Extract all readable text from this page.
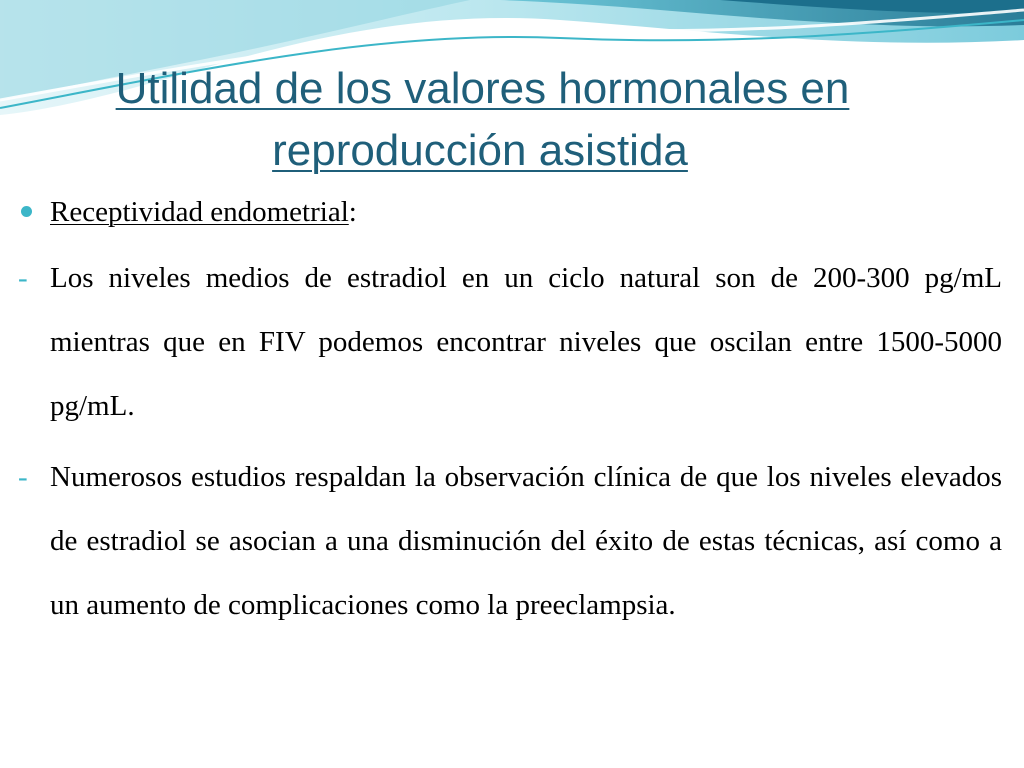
Utilidad de los valores hormonales en
reproducción asistida
Receptividad endometrial:
- Los niveles medios de estradiol en un ciclo natural son de 200-300 pg/mL mientras que en FIV podemos encontrar niveles que oscilan entre 1500-5000 pg/mL.

- Numerosos estudios respaldan la observación clínica de que los niveles elevados de estradiol se asocian a una disminución del éxito de estas técnicas, así como a un aumento de complicaciones como la preeclampsia.
